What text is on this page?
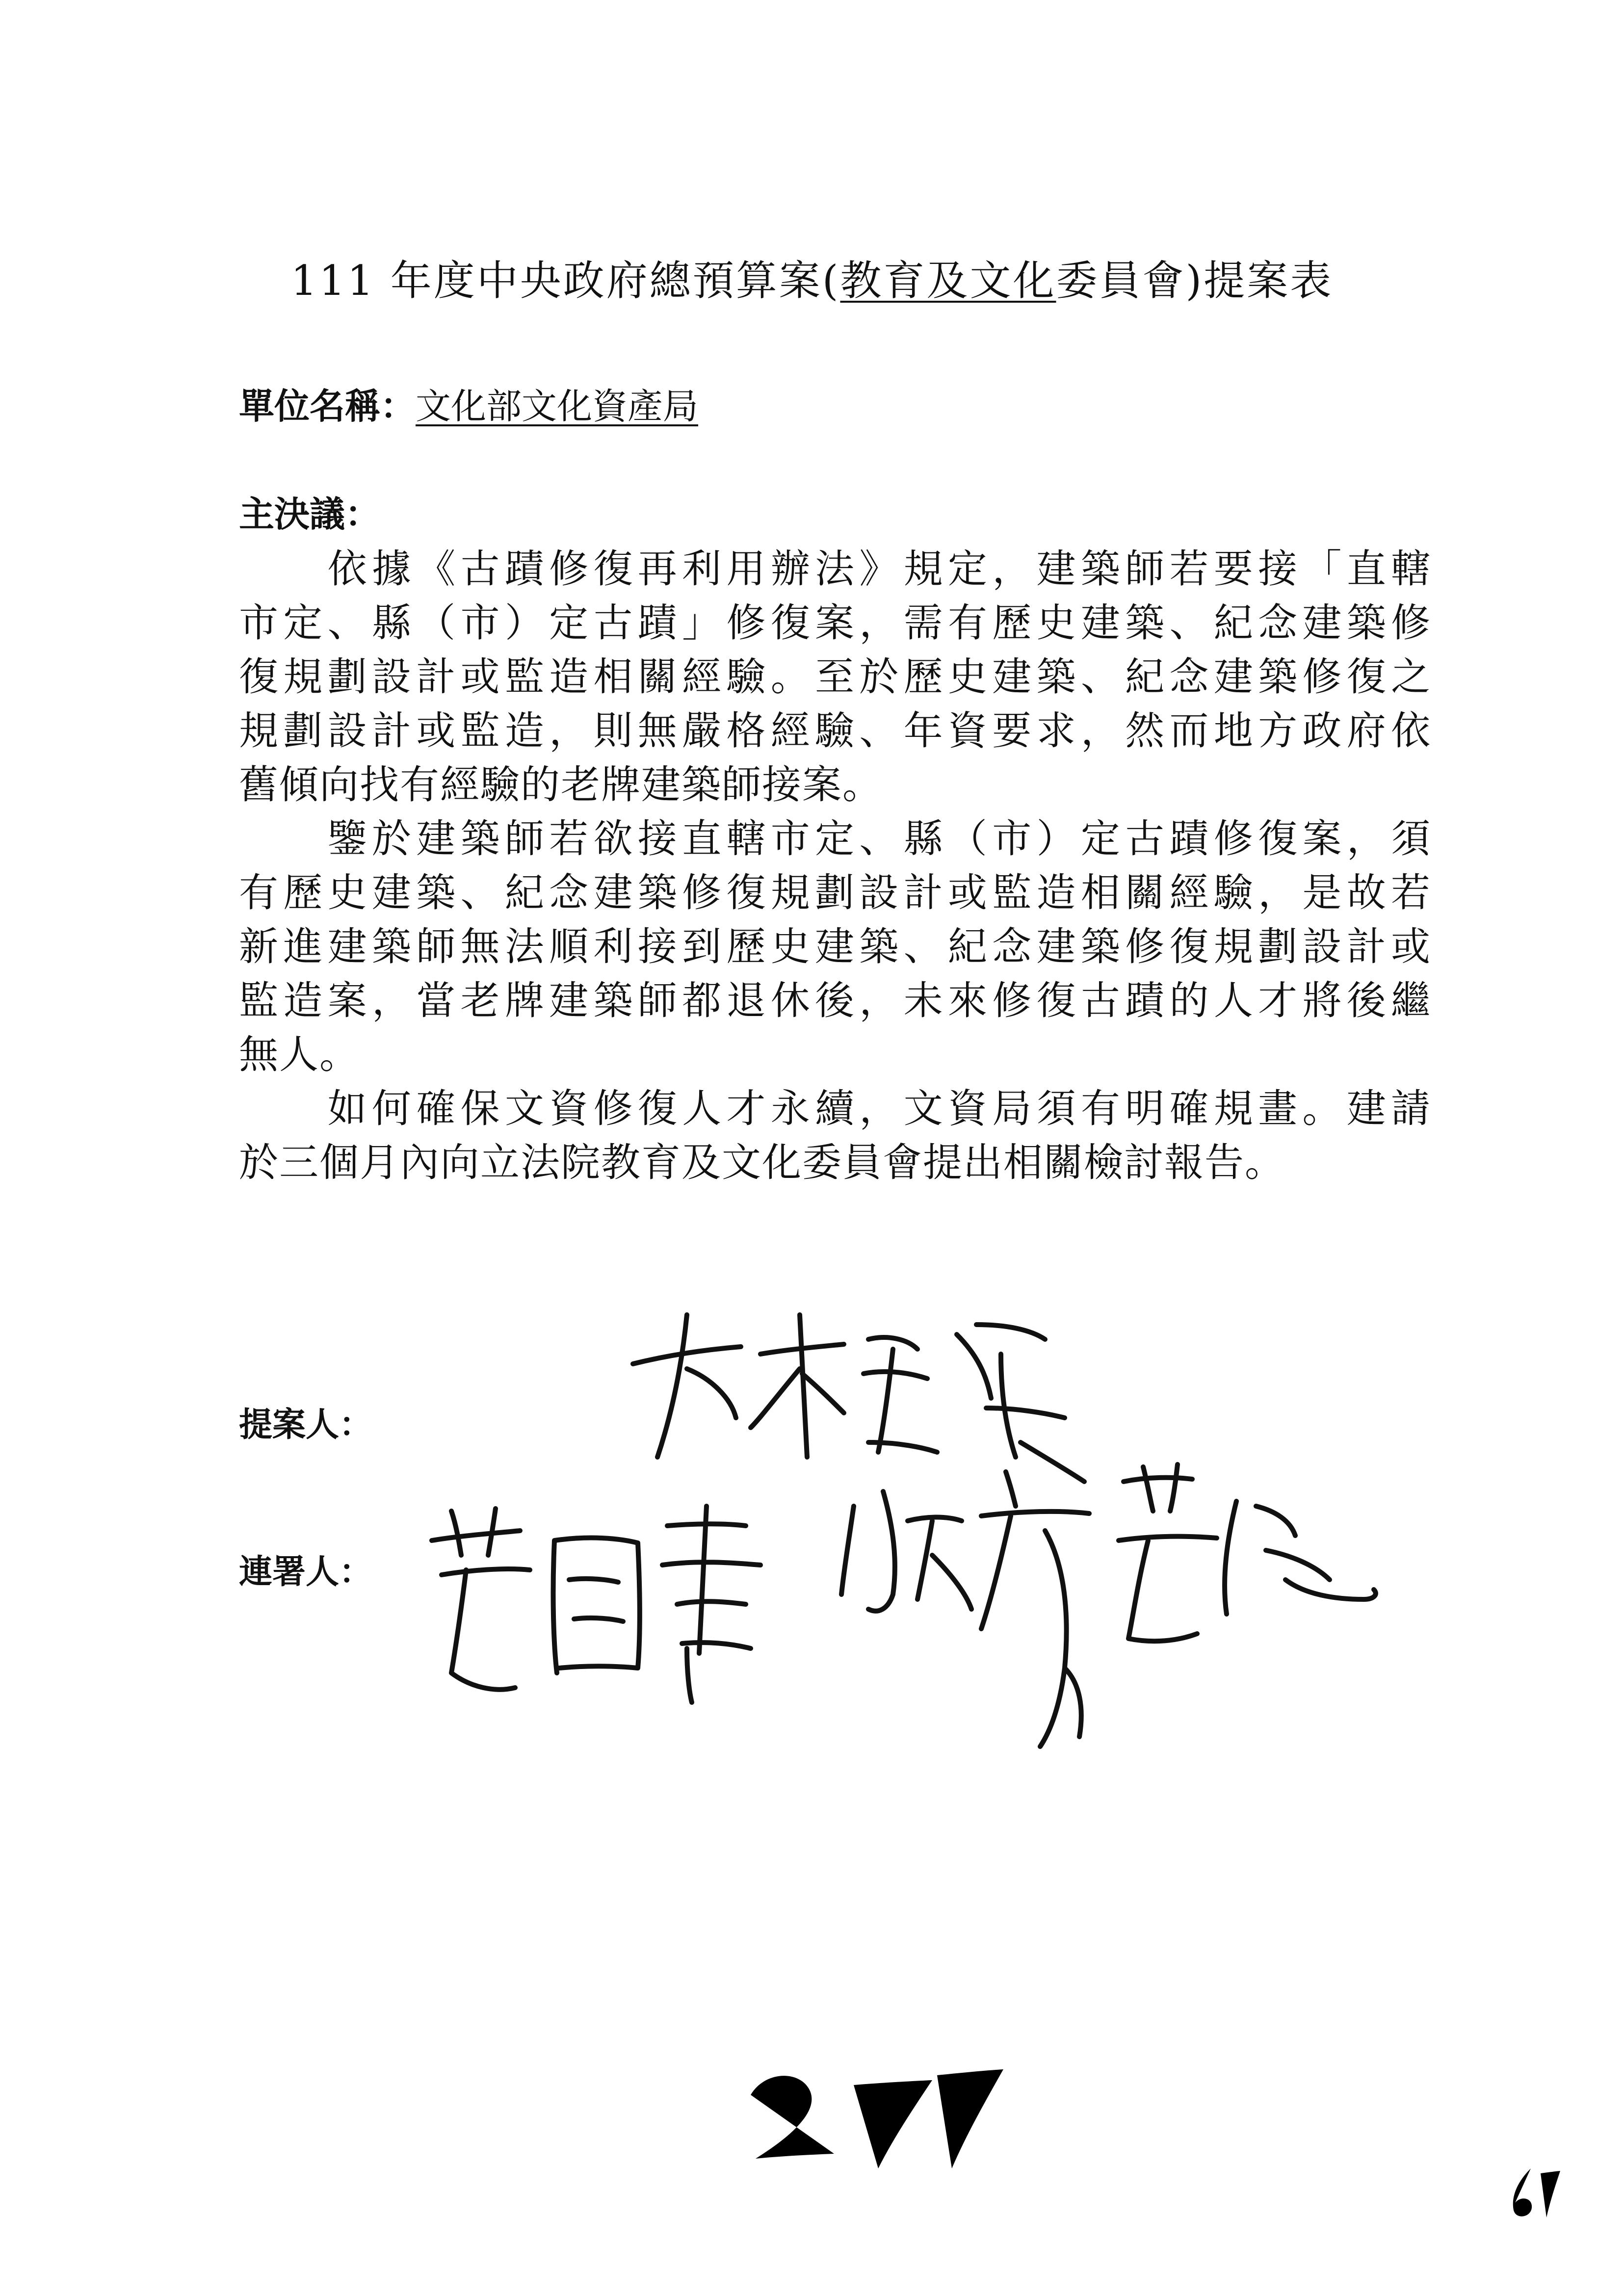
111 年度中央政府總預算案(教育及文化委員會)提案表
單位名稱：文化部文化資產局
主決議：
　　依據《古蹟修復再利用辦法》規定，建築師若要接「直轄
市定、縣（市）定古蹟」修復案，需有歷史建築、紀念建築修
復規劃設計或監造相關經驗。至於歷史建築、紀念建築修復之
規劃設計或監造，則無嚴格經驗、年資要求，然而地方政府依
舊傾向找有經驗的老牌建築師接案。
　　鑒於建築師若欲接直轄市定、縣（市）定古蹟修復案，須
有歷史建築、紀念建築修復規劃設計或監造相關經驗，是故若
新進建築師無法順利接到歷史建築、紀念建築修復規劃設計或
監造案，當老牌建築師都退休後，未來修復古蹟的人才將後繼
無人。
　　如何確保文資修復人才永續，文資局須有明確規畫。建請
於三個月內向立法院教育及文化委員會提出相關檢討報告。
提案人：
連署人：
